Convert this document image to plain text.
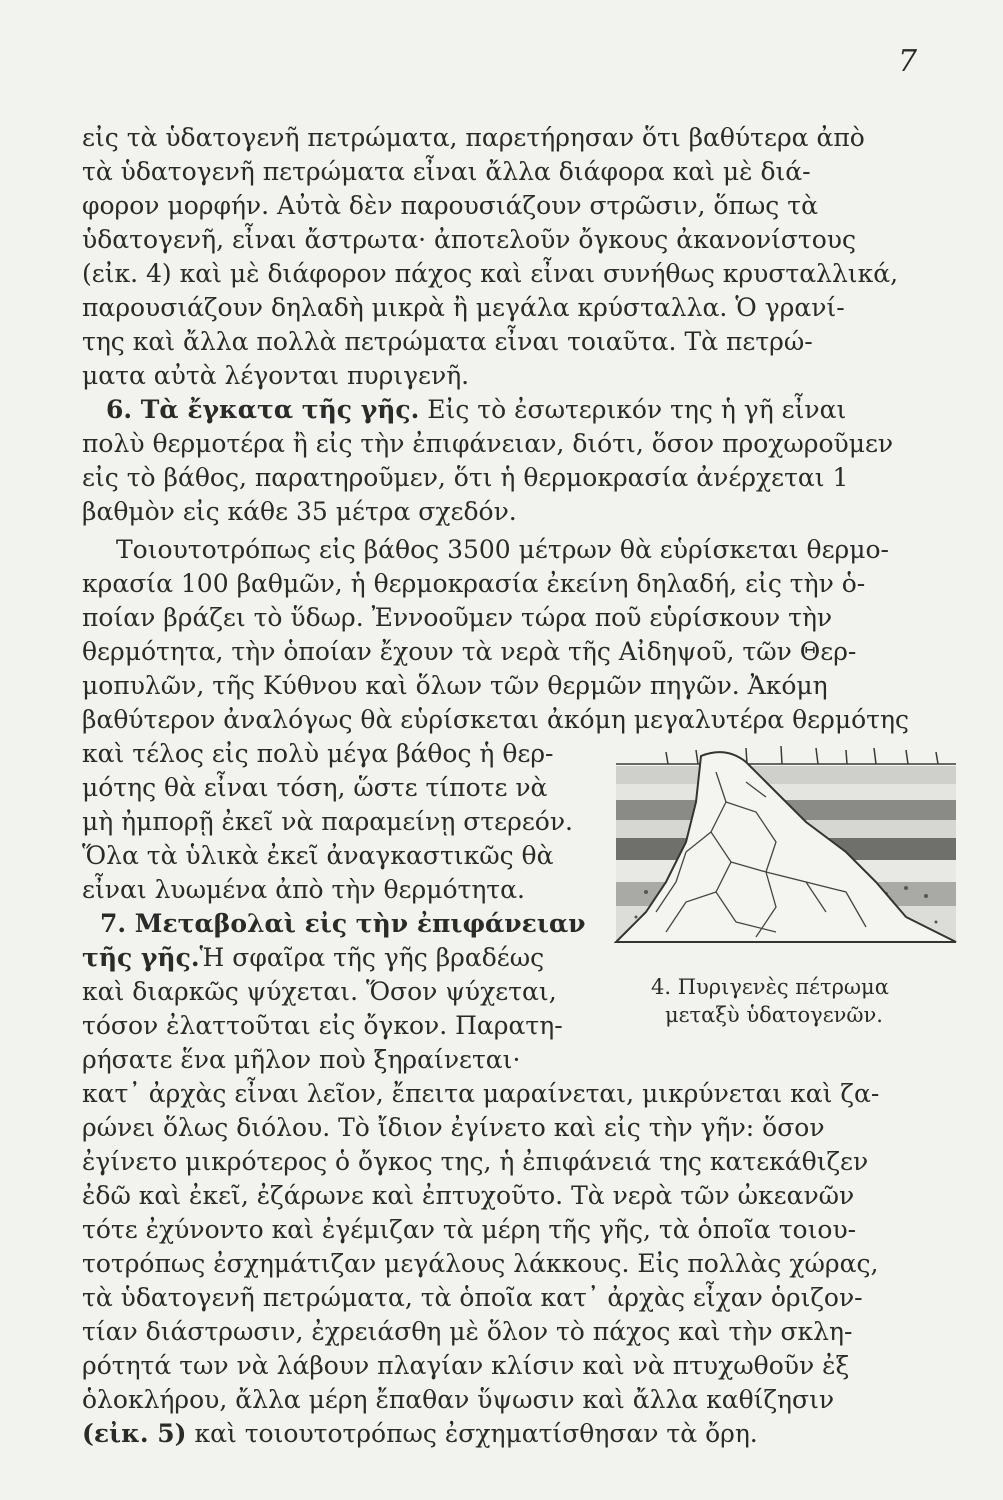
7
εἰς τὰ ὑδατογενῆ πετρώματα, παρετήρησαν ὅτι βαθύτερα ἀπὸ
τὰ ὑδατογενῆ πετρώματα εἶναι ἄλλα διάφορα καὶ μὲ διά-
φορον μορφήν. Αὐτὰ δὲν παρουσιάζουν στρῶσιν, ὅπως τὰ
ὑδατογενῆ, εἶναι ἄστρωτα· ἀποτελοῦν ὄγκους ἀκανονίστους
(εἰκ. 4) καὶ μὲ διάφορον πάχος καὶ εἶναι συνήθως κρυσταλλικά,
παρουσιάζουν δηλαδὴ μικρὰ ἢ μεγάλα κρύσταλλα. Ὁ γρανί-
της καὶ ἄλλα πολλὰ πετρώματα εἶναι τοιαῦτα. Τὰ πετρώ-
ματα αὐτὰ λέγονται πυριγενῆ.
6. Τὰ ἔγκατα τῆς γῆς. Εἰς τὸ ἐσωτερικόν της ἡ γῆ εἶναι
πολὺ θερμοτέρα ἢ εἰς τὴν ἐπιφάνειαν, διότι, ὅσον προχωροῦμεν
εἰς τὸ βάθος, παρατηροῦμεν, ὅτι ἡ θερμοκρασία ἀνέρχεται 1
βαθμὸν εἰς κάθε 35 μέτρα σχεδόν.
Τοιουτοτρόπως εἰς βάθος 3500 μέτρων θὰ εὑρίσκεται θερμο-
κρασία 100 βαθμῶν, ἡ θερμοκρασία ἐκείνη δηλαδή, εἰς τὴν ὁ-
ποίαν βράζει τὸ ὕδωρ. Ἐννοοῦμεν τώρα ποῦ εὑρίσκουν τὴν
θερμότητα, τὴν ὁποίαν ἔχουν τὰ νερὰ τῆς Αἰδηψοῦ, τῶν Θερ-
μοπυλῶν, τῆς Κύθνου καὶ ὅλων τῶν θερμῶν πηγῶν. Ἀκόμη
βαθύτερον ἀναλόγως θὰ εὑρίσκεται ἀκόμη μεγαλυτέρα θερμότης
καὶ τέλος εἰς πολὺ μέγα βάθος ἡ θερ-
μότης θὰ εἶναι τόση, ὥστε τίποτε νὰ
μὴ ἠμπορῇ ἐκεῖ νὰ παραμείνῃ στερεόν.
Ὅλα τὰ ὑλικὰ ἐκεῖ ἀναγκαστικῶς θὰ
εἶναι λυωμένα ἀπὸ τὴν θερμότητα.
7. Μεταβολαὶ εἰς τὴν ἐπιφάνειαν
τῆς γῆς.Ἡ σφαῖρα τῆς γῆς βραδέως
καὶ διαρκῶς ψύχεται. Ὅσον ψύχεται,
τόσον ἐλαττοῦται εἰς ὄγκον. Παρατη-
ρήσατε ἕνα μῆλον ποὺ ξηραίνεται·
κατ᾿ ἀρχὰς εἶναι λεῖον, ἔπειτα μαραίνεται, μικρύνεται καὶ ζα-
ρώνει ὅλως διόλου. Τὸ ἴδιον ἐγίνετο καὶ εἰς τὴν γῆν: ὅσον
ἐγίνετο μικρότερος ὁ ὄγκος της, ἡ ἐπιφάνειά της κατεκάθιζεν
ἐδῶ καὶ ἐκεῖ, ἐζάρωνε καὶ ἐπτυχοῦτο. Τὰ νερὰ τῶν ὠκεανῶν
τότε ἐχύνοντο καὶ ἐγέμιζαν τὰ μέρη τῆς γῆς, τὰ ὁποῖα τοιου-
τοτρόπως ἐσχημάτιζαν μεγάλους λάκκους. Εἰς πολλὰς χώρας,
τὰ ὑδατογενῆ πετρώματα, τὰ ὁποῖα κατ᾿ ἀρχὰς εἶχαν ὁριζον-
τίαν διάστρωσιν, ἐχρειάσθη μὲ ὅλον τὸ πάχος καὶ τὴν σκλη-
ρότητά των νὰ λάβουν πλαγίαν κλίσιν καὶ νὰ πτυχωθοῦν ἐξ
ὁλοκλήρου, ἄλλα μέρη ἔπαθαν ὕψωσιν καὶ ἄλλα καθίζησιν
(εἰκ. 5) καὶ τοιουτοτρόπως ἐσχηματίσθησαν τὰ ὄρη.
4. Πυριγενὲς πέτρωμα
μεταξὺ ὑδατογενῶν.
